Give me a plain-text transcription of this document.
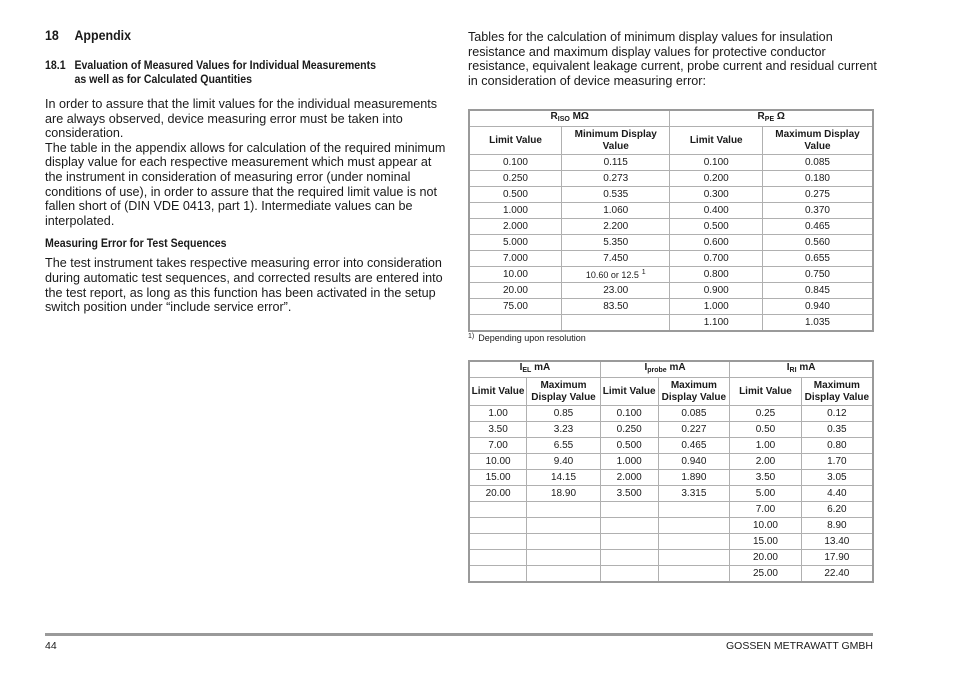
18 Appendix
18.1 Evaluation of Measured Values for Individual Measurements
as well as for Calculated Quantities

In order to assure that the limit values for the individual measurements are always observed, device measuring error must be taken into consideration.

The table in the appendix allows for calculation of the required minimum display value for each respective measurement which must appear at the instrument in consideration of measuring error (under nominal conditions of use), in order to assure that the required limit value is not fallen short of (DIN VDE 0413, part 1). Intermediate values can be interpolated.

Measuring Error for Test Sequences

The test instrument takes respective measuring error into consideration during automatic test sequences, and corrected results are entered into the test report, as long as this function has been activated in the setup switch position under “include service error”.

Tables for the calculation of minimum display values for insulation resistance and maximum display values for protective conductor resistance, equivalent leakage current, probe current and residual current in consideration of device measuring error:

$R_{ISO}$ MΩ		$R_{PE}$ Ω	
Limit Value	Minimum Display Value	Limit Value	Maximum Display Value
0.100	0.115	0.100	0.085
0.250	0.273	0.200	0.180
0.500	0.535	0.300	0.275
1.000	1.060	0.400	0.370
2.000	2.200	0.500	0.465
5.000	5.350	0.600	0.560
7.000	7.450	0.700	0.655
10.00	10.60 or 12.5 $^1$	0.800	0.750
20.00	23.00	0.900	0.845
75.00	83.50	1.000	0.940
		1.100	1.035
$^{1)}$ Depending upon resolution
$I_{EL}$ mA		$I_{probe}$ mA		$I_{RI}$ mA	
Limit Value	Maximum Display Value	Limit Value	Maximum Display Value	Limit Value	Maximum Display Value
1.00	0.85	0.100	0.085	0.25	0.12
3.50	3.23	0.250	0.227	0.50	0.35
7.00	6.55	0.500	0.465	1.00	0.80
10.00	9.40	1.000	0.940	2.00	1.70
15.00	14.15	2.000	1.890	3.50	3.05
20.00	18.90	3.500	3.315	5.00	4.40
				7.00	6.20
				10.00	8.90
				15.00	13.40
				20.00	17.90
				25.00	22.40
44	GOSSEN METRAWATT GMBH
